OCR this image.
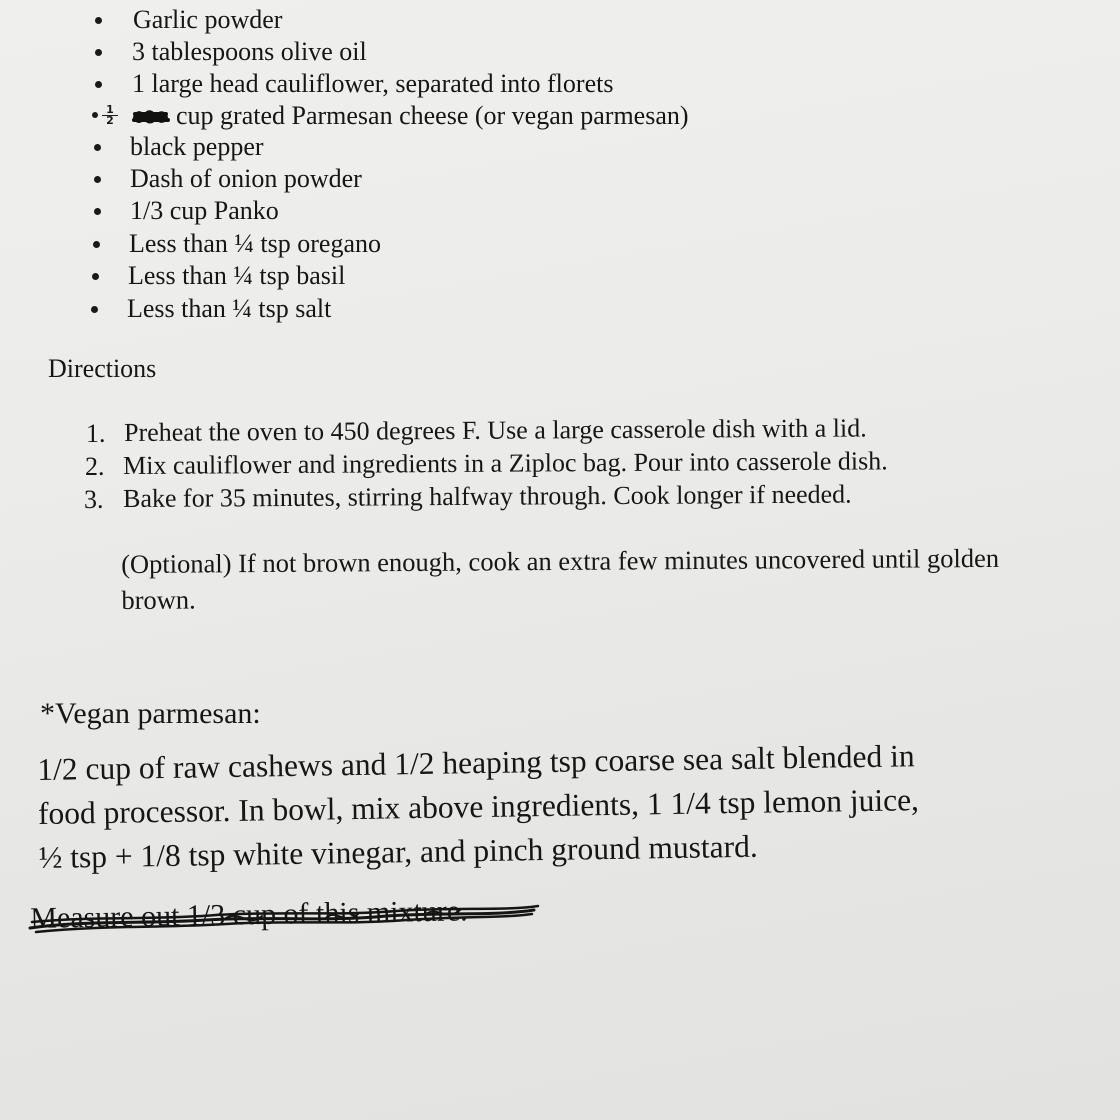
Garlic powder
3 tablespoons olive oil
1 large head cauliflower, separated into florets
$\frac{1}{2}$ cup grated Parmesan cheese (or vegan parmesan)
black pepper
Dash of onion powder
1/3 cup Panko
Less than ¼ tsp oregano
Less than ¼ tsp basil
Less than ¼ tsp salt
Directions
1. Preheat the oven to 450 degrees F. Use a large casserole dish with a lid.
2. Mix cauliflower and ingredients in a Ziploc bag. Pour into casserole dish.
3. Bake for 35 minutes, stirring halfway through. Cook longer if needed.

(Optional) If not brown enough, cook an extra few minutes uncovered until golden brown.

*Vegan parmesan:

1/2 cup of raw cashews and 1/2 heaping tsp coarse sea salt blended in
food processor. In bowl, mix above ingredients, 1 1/4 tsp lemon juice,
½ tsp + 1/8 tsp white vinegar, and pinch ground mustard.

Measure out 1/3 cup of this mixture.
